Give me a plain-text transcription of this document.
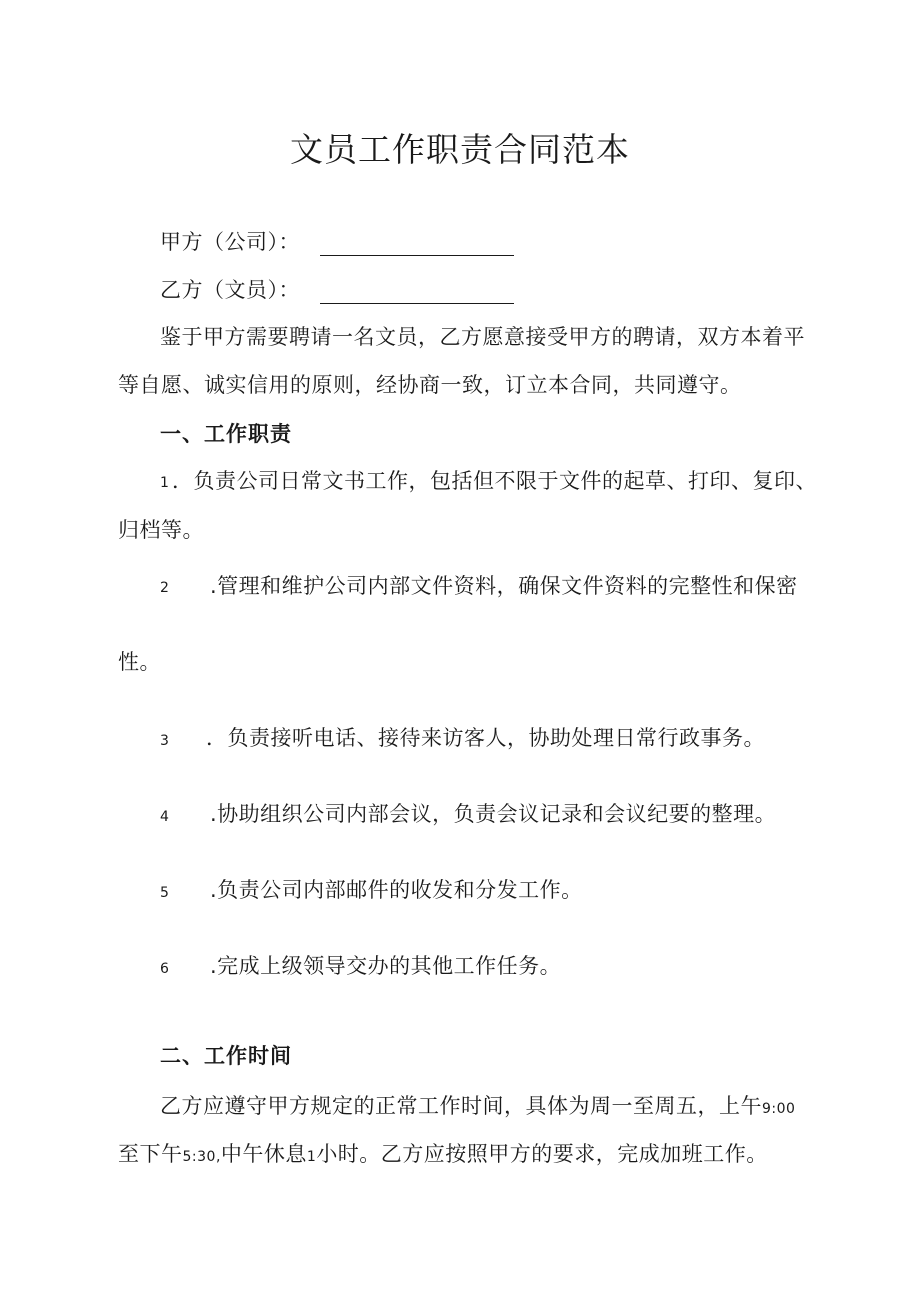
文员工作职责合同范本
甲方（公司）：
乙方（文员）：
鉴于甲方需要聘请一名文员，乙方愿意接受甲方的聘请，双方本着平
等自愿、诚实信用的原则，经协商一致，订立本合同，共同遵守。
一、工作职责
1 ．负责公司日常文书工作，包括但不限于文件的起草、打印、复印、
归档等。
2 .管理和维护公司内部文件资料，确保文件资料的完整性和保密
性。
3 ．负责接听电话、接待来访客人，协助处理日常行政事务。
4 .协助组织公司内部会议，负责会议记录和会议纪要的整理。
5 .负责公司内部邮件的收发和分发工作。
6 .完成上级领导交办的其他工作任务。
二、工作时间
乙方应遵守甲方规定的正常工作时间，具体为周一至周五，上午9:00
至下午5:30,中午休息1小时。乙方应按照甲方的要求，完成加班工作。
